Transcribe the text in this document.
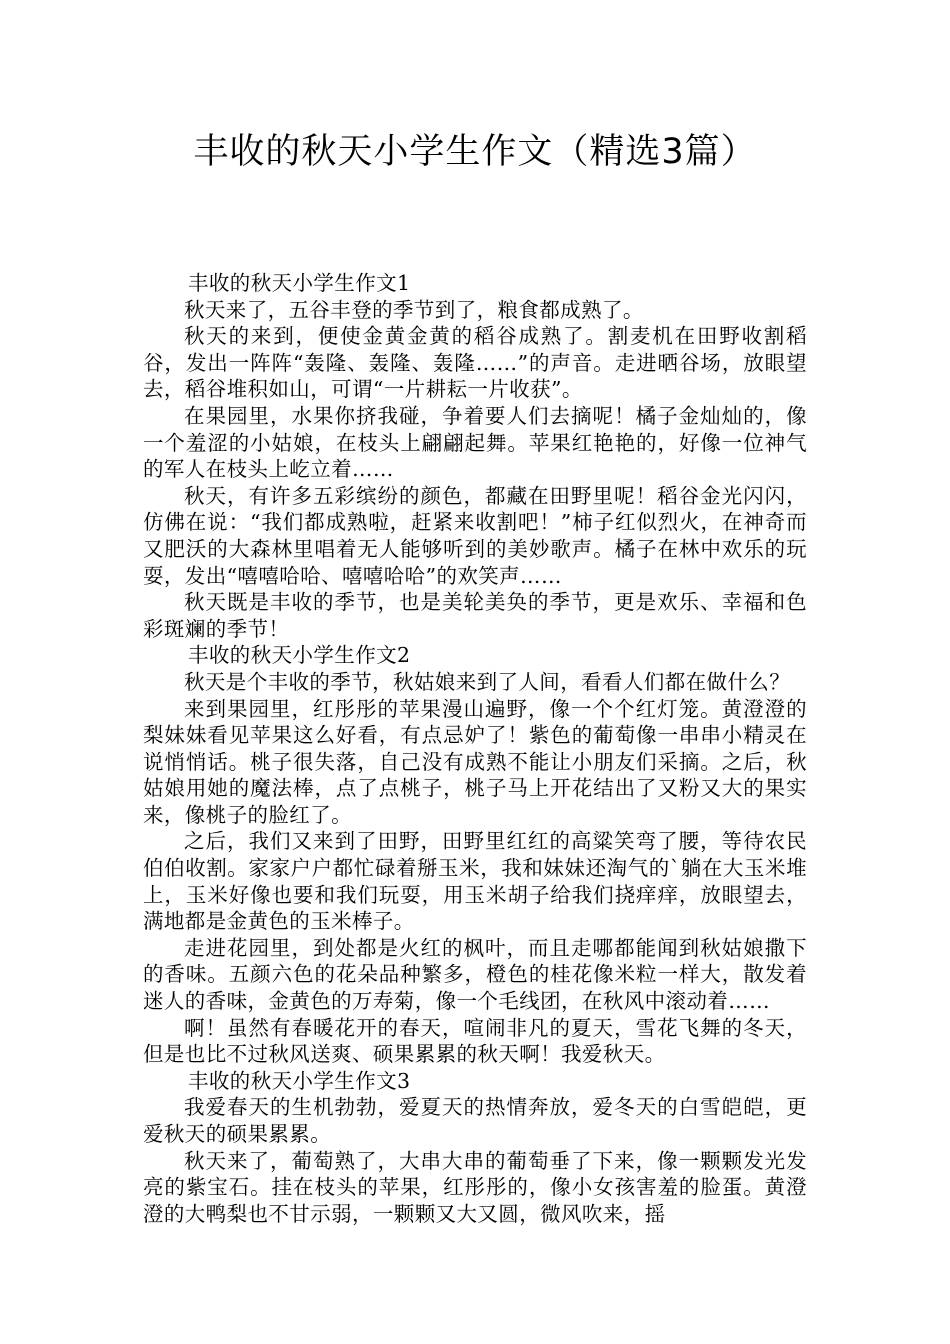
丰收的秋天小学生作文（精选3篇）

丰收的秋天小学生作文1

秋天来了，五谷丰登的季节到了，粮食都成熟了。

秋天的来到，便使金黄金黄的稻谷成熟了。割麦机在田野收割稻谷，发出一阵阵“轰隆、轰隆、轰隆……”的声音。走进晒谷场，放眼望去，稻谷堆积如山，可谓“一片耕耘一片收获”。

在果园里，水果你挤我碰，争着要人们去摘呢！橘子金灿灿的，像一个羞涩的小姑娘，在枝头上翩翩起舞。苹果红艳艳的，好像一位神气的军人在枝头上屹立着……

秋天，有许多五彩缤纷的颜色，都藏在田野里呢！稻谷金光闪闪，仿佛在说：“我们都成熟啦，赶紧来收割吧！”柿子红似烈火，在神奇而又肥沃的大森林里唱着无人能够听到的美妙歌声。橘子在林中欢乐的玩耍，发出“嘻嘻哈哈、嘻嘻哈哈”的欢笑声……

秋天既是丰收的季节，也是美轮美奂的季节，更是欢乐、幸福和色彩斑斓的季节！

丰收的秋天小学生作文2

秋天是个丰收的季节，秋姑娘来到了人间，看看人们都在做什么？

来到果园里，红彤彤的苹果漫山遍野，像一个个红灯笼。黄澄澄的梨妹妹看见苹果这么好看，有点忌妒了！紫色的葡萄像一串串小精灵在说悄悄话。桃子很失落，自己没有成熟不能让小朋友们采摘。之后，秋姑娘用她的魔法棒，点了点桃子，桃子马上开花结出了又粉又大的果实来，像桃子的脸红了。

之后，我们又来到了田野，田野里红红的高粱笑弯了腰，等待农民伯伯收割。家家户户都忙碌着掰玉米，我和妹妹还淘气的`躺在大玉米堆上，玉米好像也要和我们玩耍，用玉米胡子给我们挠痒痒，放眼望去，满地都是金黄色的玉米棒子。

走进花园里，到处都是火红的枫叶，而且走哪都能闻到秋姑娘撒下的香味。五颜六色的花朵品种繁多，橙色的桂花像米粒一样大，散发着迷人的香味，金黄色的万寿菊，像一个毛线团，在秋风中滚动着……

啊！虽然有春暖花开的春天，喧闹非凡的夏天，雪花飞舞的冬天，但是也比不过秋风送爽、硕果累累的秋天啊！我爱秋天。

丰收的秋天小学生作文3

我爱春天的生机勃勃，爱夏天的热情奔放，爱冬天的白雪皑皑，更爱秋天的硕果累累。

秋天来了，葡萄熟了，大串大串的葡萄垂了下来，像一颗颗发光发亮的紫宝石。挂在枝头的苹果，红彤彤的，像小女孩害羞的脸蛋。黄澄澄的大鸭梨也不甘示弱，一颗颗又大又圆，微风吹来，摇
